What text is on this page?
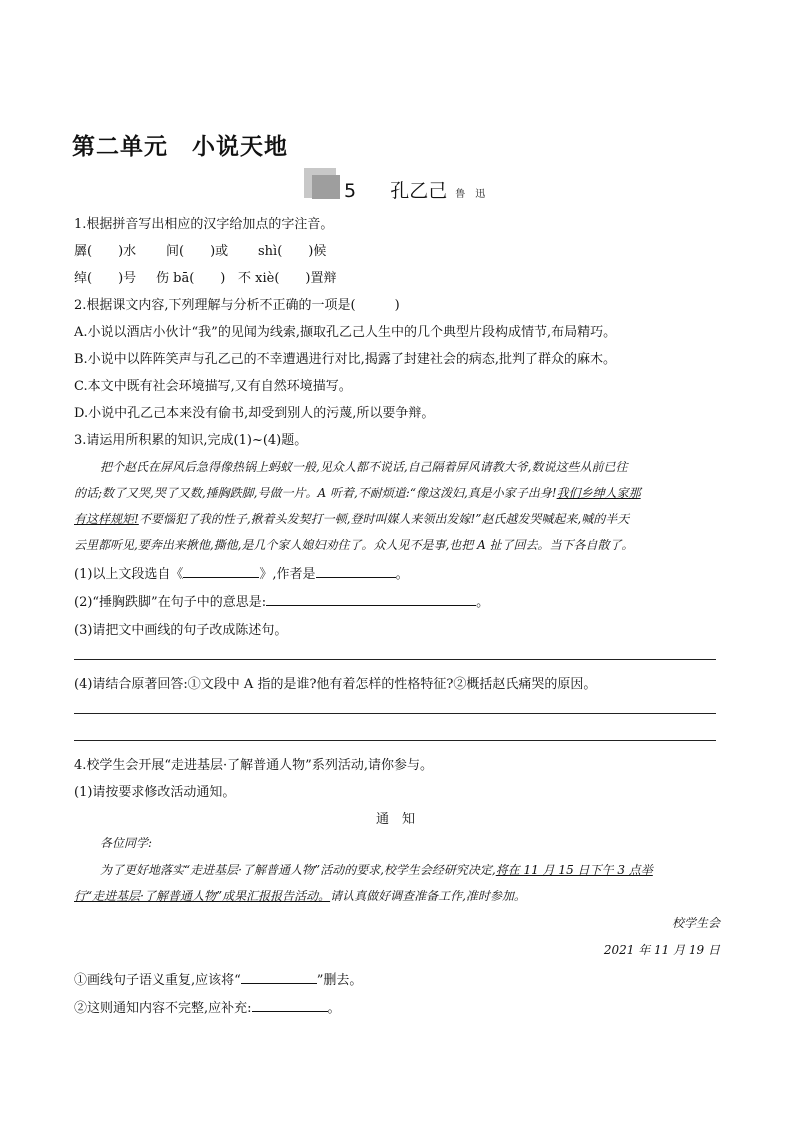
第二单元　小说天地
5 孔乙己 鲁　迅
1.根据拼音写出相应的汉字给加点的字注音。
羼(　　)水 间(　　)或 shì(　　)候
绰(　　)号 伤 bā(　　) 不 xiè(　　)置辩
2.根据课文内容,下列理解与分析不正确的一项是(　　　)
A.小说以酒店小伙计“我”的见闻为线索,撷取孔乙己人生中的几个典型片段构成情节,布局精巧。
B.小说中以阵阵笑声与孔乙己的不幸遭遇进行对比,揭露了封建社会的病态,批判了群众的麻木。
C.本文中既有社会环境描写,又有自然环境描写。
D.小说中孔乙己本来没有偷书,却受到别人的污蔑,所以要争辩。
3.请运用所积累的知识,完成(1)~(4)题。
把个赵氏在屏风后急得像热锅上蚂蚁一般,见众人都不说话,自己隔着屏风请教大爷,数说这些从前已往
的话;数了又哭,哭了又数,捶胸跌脚,号做一片。A 听着,不耐烦道:“像这泼妇,真是小家子出身!我们乡绅人家那
有这样规矩!不要惱犯了我的性子,揪着头发契打一顿,登时叫媒人来领出发嫁!”赵氏越发哭喊起来,喊的半天
云里都听见,要奔出来揪他,撕他,是几个家人媳妇劝住了。众人见不是事,也把 A 扯了回去。当下各自散了。
(1)以上文段选自《	》,作者是	。
(2)“捶胸跌脚”在句子中的意思是:	。
(3)请把文中画线的句子改成陈述句。
(4)请结合原著回答:①文段中 A 指的是谁?他有着怎样的性格特征?②概括赵氏痛哭的原因。
4.校学生会开展“走进基层·了解普通人物”系列活动,请你参与。
(1)请按要求修改活动通知。
通　知
各位同学:
为了更好地落实“走进基层·了解普通人物”活动的要求,校学生会经研究决定,将在 11 月 15 日下午 3 点举
行“走进基层·了解普通人物”成果汇报报告活动。请认真做好调查准备工作,准时参加。
校学生会
2021 年 11 月 19 日
①画线句子语义重复,应该将“	”删去。
②这则通知内容不完整,应补充:	。
